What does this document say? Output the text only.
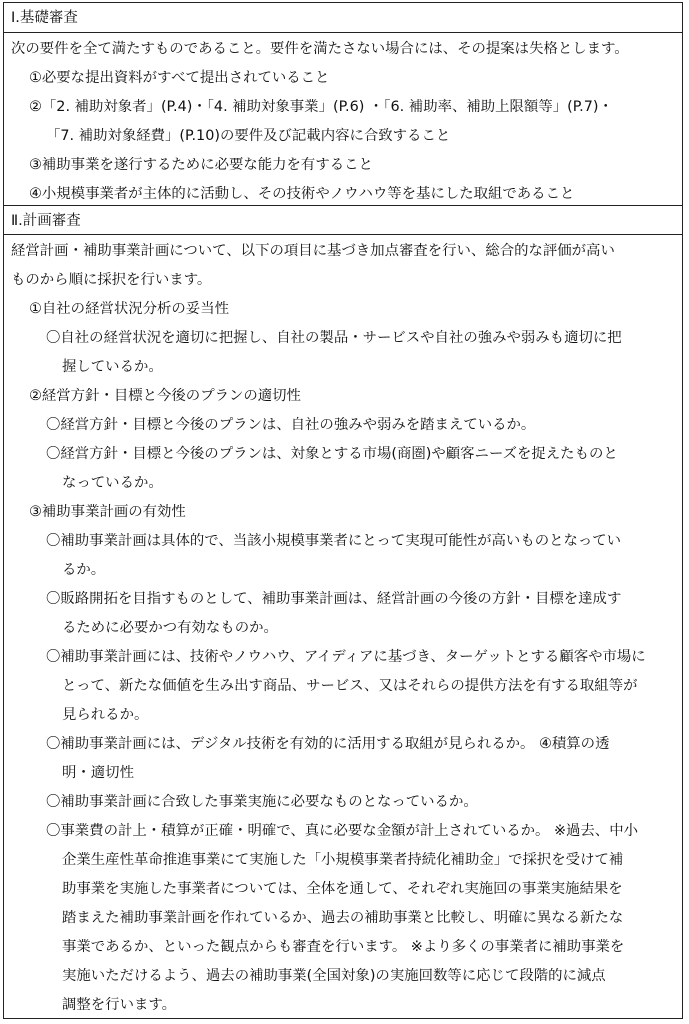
Ⅰ.基礎審査
次の要件を全て満たすものであること。要件を満たさない場合には、その提案は失格とします。
①必要な提出資料がすべて提出されていること
②「2. 補助対象者」(P.4)・「4. 補助対象事業」(P.6) ・「6. 補助率、補助上限額等」(P.7)・
「7. 補助対象経費」(P.10)の要件及び記載内容に合致すること
③補助事業を遂行するために必要な能力を有すること
④小規模事業者が主体的に活動し、その技術やノウハウ等を基にした取組であること
Ⅱ.計画審査
経営計画・補助事業計画について、以下の項目に基づき加点審査を行い、総合的な評価が高い
ものから順に採択を行います。
①自社の経営状況分析の妥当性
〇自社の経営状況を適切に把握し、自社の製品・サービスや自社の強みや弱みも適切に把
握しているか。
②経営方針・目標と今後のプランの適切性
〇経営方針・目標と今後のプランは、自社の強みや弱みを踏まえているか。
〇経営方針・目標と今後のプランは、対象とする市場(商圏)や顧客ニーズを捉えたものと
なっているか。
③補助事業計画の有効性
〇補助事業計画は具体的で、当該小規模事業者にとって実現可能性が高いものとなってい
るか。
〇販路開拓を目指すものとして、補助事業計画は、経営計画の今後の方針・目標を達成す
るために必要かつ有効なものか。
〇補助事業計画には、技術やノウハウ、アイディアに基づき、ターゲットとする顧客や市場に
とって、新たな価値を生み出す商品、サービス、又はそれらの提供方法を有する取組等が
見られるか。
〇補助事業計画には、デジタル技術を有効的に活用する取組が見られるか。 ④積算の透
明・適切性
〇補助事業計画に合致した事業実施に必要なものとなっているか。
〇事業費の計上・積算が正確・明確で、真に必要な金額が計上されているか。 ※過去、中小
企業生産性革命推進事業にて実施した「小規模事業者持続化補助金」で採択を受けて補
助事業を実施した事業者については、全体を通して、それぞれ実施回の事業実施結果を
踏まえた補助事業計画を作れているか、過去の補助事業と比較し、明確に異なる新たな
事業であるか、といった観点からも審査を行います。 ※より多くの事業者に補助事業を
実施いただけるよう、過去の補助事業(全国対象)の実施回数等に応じて段階的に減点
調整を行います。
